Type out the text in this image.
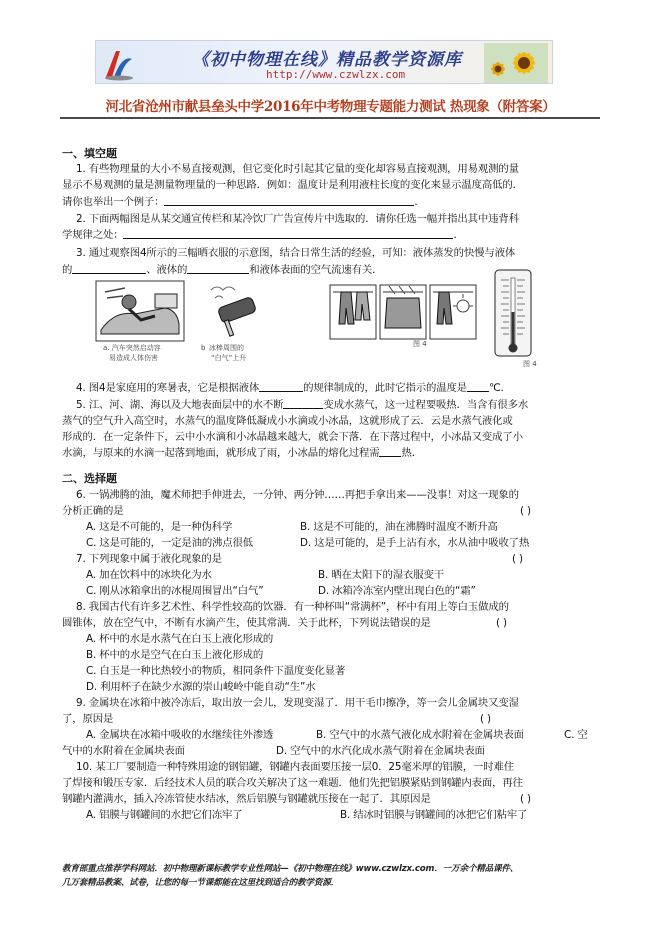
《初中物理在线》精品教学资源库
http://www.czwlzx.com
河北省沧州市献县垒头中学2016年中考物理专题能力测试 热现象（附答案）
一、填空题
1. 有些物理量的大小不易直接观测，但它变化时引起其它量的变化却容易直接观测，用易观测的量
显示不易观测的量是测量物理量的一种思路．例如：温度计是利用液柱长度的变化来显示温度高低的．
请你也举出一个例子：	．
2. 下面两幅图是从某交通宣传栏和某冷饮厂广告宣传片中选取的．请你任选一幅并指出其中违背科
学规律之处：	．
3. 通过观察图4所示的三幅晒衣服的示意图，结合日常生活的经验，可知：液体蒸发的快慢与液体
的	、液体的	和液体表面的空气流速有关．
a. 汽车突然启动容
易造成人体伤害
b 冰棒周围的
“白气”上升
图 4
图 4
4. 图4是家庭用的寒暑表，它是根据液体	的规律制成的，此时它指示的温度是 ℃．
5. 江、河、湖、海以及大地表面层中的水不断	变成水蒸气，这一过程要吸热．当含有很多水
蒸气的空气升入高空时，水蒸气的温度降低凝成小水滴或小冰晶，这就形成了云．云是水蒸气液化或
形成的．在一定条件下，云中小水滴和小冰晶越来越大，就会下落．在下落过程中，小冰晶又变成了小
水滴，与原来的水滴一起落到地面，就形成了雨，小冰晶的熔化过程需 热．
二、选择题
6. 一锅沸腾的油，魔术师把手伸进去，一分钟、两分钟……再把手拿出来——没事！对这一现象的
分析正确的是	( )
A. 这是不可能的，是一种伪科学	B. 这是不可能的，油在沸腾时温度不断升高
C. 这是可能的，一定是油的沸点很低	D. 这是可能的，是手上沾有水，水从油中吸收了热
7. 下列现象中属于液化现象的是	( )
A. 加在饮料中的冰块化为水	B. 晒在太阳下的湿衣服变干
C. 刚从冰箱拿出的冰棍周围冒出“白气”	D. 冰箱冷冻室内壁出现白色的“霜”
8. 我国古代有许多艺术性、科学性较高的饮器．有一种杯叫“常满杯”，杯中有用上等白玉做成的
圆锥体，放在空气中，不断有水滴产生，使其常满．关于此杯，下列说法错误的是	( )
A. 杯中的水是水蒸气在白玉上液化形成的
B. 杯中的水是空气在白玉上液化形成的
C. 白玉是一种比热较小的物质，相同条件下温度变化显著
D. 利用杯子在缺少水源的崇山峻岭中能自动“生”水
9. 金属块在冰箱中被冷冻后，取出放一会儿，发现变湿了．用干毛巾擦净，等一会儿金属块又变湿
了，原因是	( )
A. 金属块在冰箱中吸收的水继续往外渗透	B. 空气中的水蒸气液化成水附着在金属块表面	C. 空
气中的水附着在金属块表面	D. 空气中的水汽化成水蒸气附着在金属块表面
10. 某工厂要制造一种特殊用途的钢铝罐，钢罐内表面要压接一层0．25毫米厚的铝膜，一时难住
了焊接和锻压专家．后经技术人员的联合攻关解决了这一难题．他们先把铝膜紧贴到钢罐内表面，再往
钢罐内灌满水，插入冷冻管使水结冰，然后铝膜与钢罐就压接在一起了．其原因是	( )
A. 铝膜与钢罐间的水把它们冻牢了	B. 结冰时铝膜与钢罐间的冰把它们粘牢了
教育部重点推荐学科网站．初中物理新课标教学专业性网站—《初中物理在线》www.czwlzx.com．一万余个精品课件、
几万套精品教案、试卷，让您的每一节课都能在这里找到适合的教学资源．
